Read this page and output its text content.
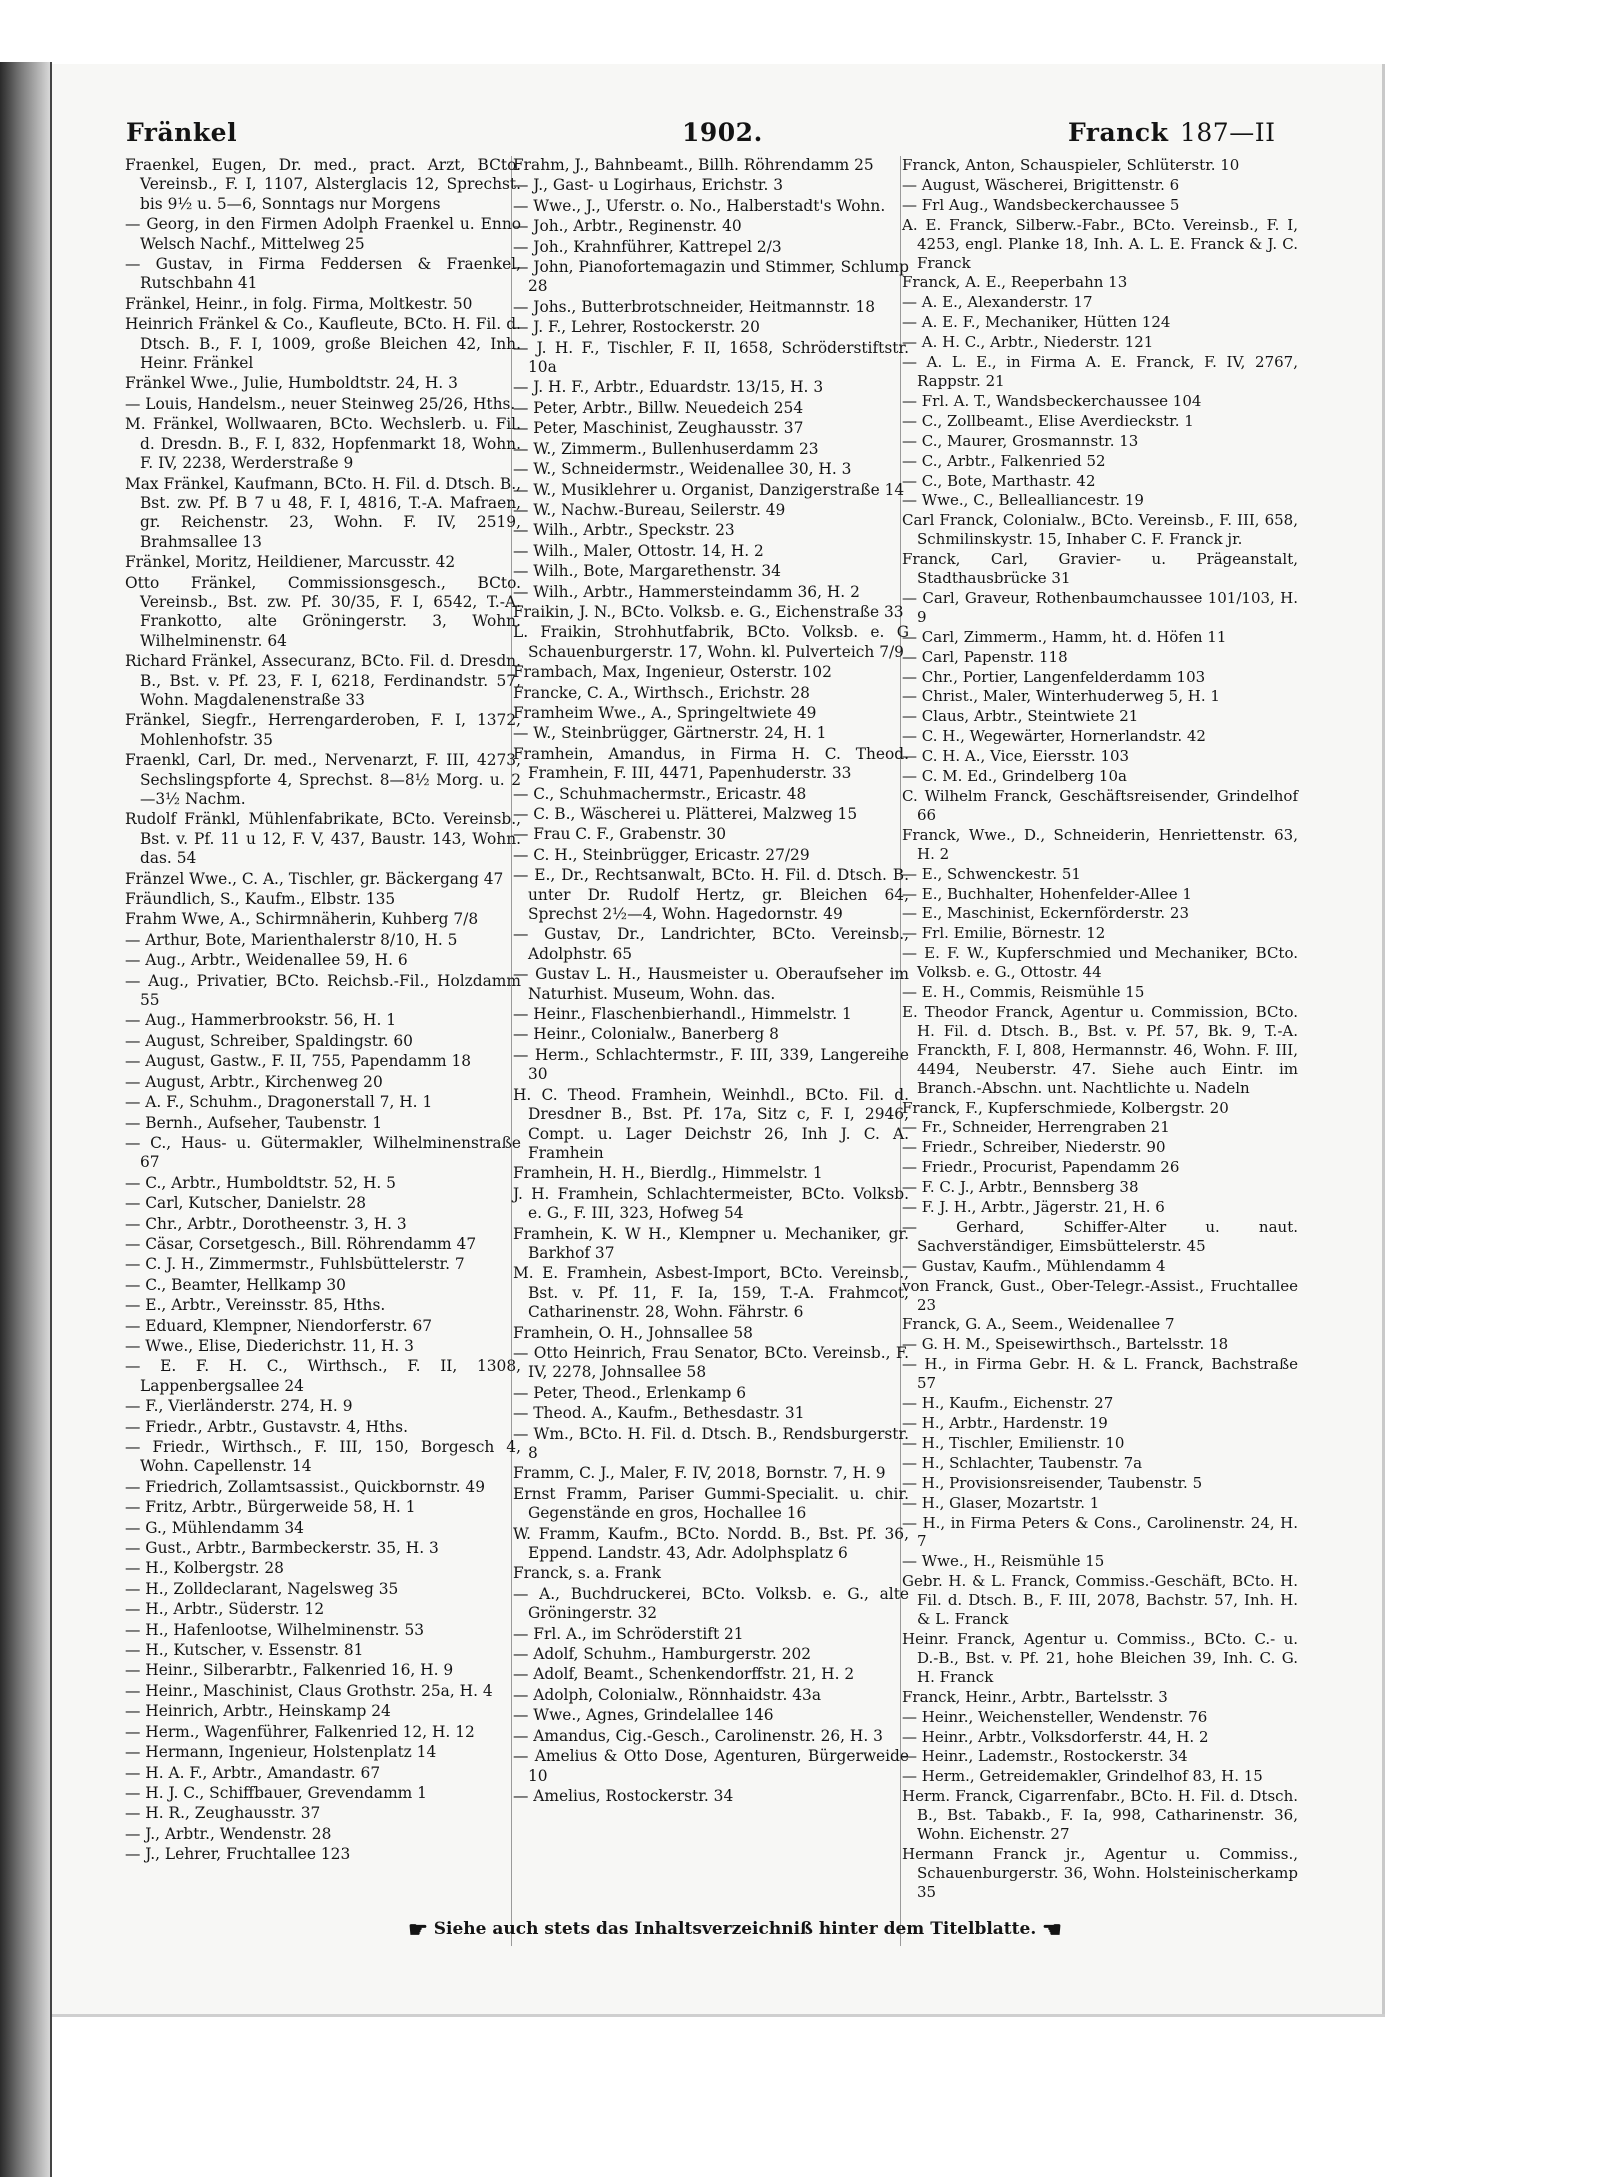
Fränkel	1902.	Franck 187—II
Fraenkel, Eugen, Dr. med., pract. Arzt, BCto. Vereinsb., F. I, 1107, Alsterglacis 12, Sprechst. bis 9½ u. 5—6, Sonntags nur Morgens
— Georg, in den Firmen Adolph Fraenkel u. Enno Welsch Nachf., Mittelweg 25
— Gustav, in Firma Feddersen & Fraenkel, Rutschbahn 41
Fränkel, Heinr., in folg. Firma, Moltkestr. 50
Heinrich Fränkel & Co., Kaufleute, BCto. H. Fil. d. Dtsch. B., F. I, 1009, große Bleichen 42, Inh. Heinr. Fränkel
Fränkel Wwe., Julie, Humboldtstr. 24, H. 3
— Louis, Handelsm., neuer Steinweg 25/26, Hths.
M. Fränkel, Wollwaaren, BCto. Wechslerb. u. Fil. d. Dresdn. B., F. I, 832, Hopfenmarkt 18, Wohn. F. IV, 2238, Werderstraße 9
Max Fränkel, Kaufmann, BCto. H. Fil. d. Dtsch. B., Bst. zw. Pf. B 7 u 48, F. I, 4816, T.-A. Mafraen, gr. Reichenstr. 23, Wohn. F. IV, 2519, Brahmsallee 13
Fränkel, Moritz, Heildiener, Marcusstr. 42
Otto Fränkel, Commissionsgesch., BCto. Vereinsb., Bst. zw. Pf. 30/35, F. I, 6542, T.-A. Frankotto, alte Gröningerstr. 3, Wohn. Wilhelminenstr. 64
Richard Fränkel, Assecuranz, BCto. Fil. d. Dresdn. B., Bst. v. Pf. 23, F. I, 6218, Ferdinandstr. 57, Wohn. Magdalenenstraße 33
Fränkel, Siegfr., Herrengarderoben, F. I, 1372, Mohlenhofstr. 35
Fraenkl, Carl, Dr. med., Nervenarzt, F. III, 4273, Sechslingspforte 4, Sprechst. 8—8½ Morg. u. 2—3½ Nachm.
Rudolf Fränkl, Mühlenfabrikate, BCto. Vereinsb., Bst. v. Pf. 11 u 12, F. V, 437, Baustr. 143, Wohn. das. 54
Fränzel Wwe., C. A., Tischler, gr. Bäckergang 47
Fräundlich, S., Kaufm., Elbstr. 135
Frahm Wwe, A., Schirmnäherin, Kuhberg 7/8
— Arthur, Bote, Marienthalerstr 8/10, H. 5
— Aug., Arbtr., Weidenallee 59, H. 6
— Aug., Privatier, BCto. Reichsb.-Fil., Holzdamm 55
— Aug., Hammerbrookstr. 56, H. 1
— August, Schreiber, Spaldingstr. 60
— August, Gastw., F. II, 755, Papendamm 18
— August, Arbtr., Kirchenweg 20
— A. F., Schuhm., Dragonerstall 7, H. 1
— Bernh., Aufseher, Taubenstr. 1
— C., Haus- u. Gütermakler, Wilhelminenstraße 67
— C., Arbtr., Humboldtstr. 52, H. 5
— Carl, Kutscher, Danielstr. 28
— Chr., Arbtr., Dorotheenstr. 3, H. 3
— Cäsar, Corsetgesch., Bill. Röhrendamm 47
— C. J. H., Zimmermstr., Fuhlsbüttelerstr. 7
— C., Beamter, Hellkamp 30
— E., Arbtr., Vereinsstr. 85, Hths.
— Eduard, Klempner, Niendorferstr. 67
— Wwe., Elise, Diederichstr. 11, H. 3
— E. F. H. C., Wirthsch., F. II, 1308, Lappenbergsallee 24
— F., Vierländerstr. 274, H. 9
— Friedr., Arbtr., Gustavstr. 4, Hths.
— Friedr., Wirthsch., F. III, 150, Borgesch 4, Wohn. Capellenstr. 14
— Friedrich, Zollamtsassist., Quickbornstr. 49
— Fritz, Arbtr., Bürgerweide 58, H. 1
— G., Mühlendamm 34
— Gust., Arbtr., Barmbeckerstr. 35, H. 3
— H., Kolbergstr. 28
— H., Zolldeclarant, Nagelsweg 35
— H., Arbtr., Süderstr. 12
— H., Hafenlootse, Wilhelminenstr. 53
— H., Kutscher, v. Essenstr. 81
— Heinr., Silberarbtr., Falkenried 16, H. 9
— Heinr., Maschinist, Claus Grothstr. 25a, H. 4
— Heinrich, Arbtr., Heinskamp 24
— Herm., Wagenführer, Falkenried 12, H. 12
— Hermann, Ingenieur, Holstenplatz 14
— H. A. F., Arbtr., Amandastr. 67
— H. J. C., Schiffbauer, Grevendamm 1
— H. R., Zeughausstr. 37
— J., Arbtr., Wendenstr. 28
— J., Lehrer, Fruchtallee 123
Frahm, J., Bahnbeamt., Billh. Röhrendamm 25
— J., Gast- u Logirhaus, Erichstr. 3
— Wwe., J., Uferstr. o. No., Halberstadt's Wohn.
— Joh., Arbtr., Reginenstr. 40
— Joh., Krahnführer, Kattrepel 2/3
— John, Pianofortemagazin und Stimmer, Schlump 28
— Johs., Butterbrotschneider, Heitmannstr. 18
— J. F., Lehrer, Rostockerstr. 20
— J. H. F., Tischler, F. II, 1658, Schröderstiftstr. 10a
— J. H. F., Arbtr., Eduardstr. 13/15, H. 3
— Peter, Arbtr., Billw. Neuedeich 254
— Peter, Maschinist, Zeughausstr. 37
— W., Zimmerm., Bullenhuserdamm 23
— W., Schneidermstr., Weidenallee 30, H. 3
— W., Musiklehrer u. Organist, Danzigerstraße 14
— W., Nachw.-Bureau, Seilerstr. 49
— Wilh., Arbtr., Speckstr. 23
— Wilh., Maler, Ottostr. 14, H. 2
— Wilh., Bote, Margarethenstr. 34
— Wilh., Arbtr., Hammersteindamm 36, H. 2
Fraikin, J. N., BCto. Volksb. e. G., Eichenstraße 33
L. Fraikin, Strohhutfabrik, BCto. Volksb. e. G Schauenburgerstr. 17, Wohn. kl. Pulverteich 7/9
Frambach, Max, Ingenieur, Osterstr. 102
Francke, C. A., Wirthsch., Erichstr. 28
Framheim Wwe., A., Springeltwiete 49
— W., Steinbrügger, Gärtnerstr. 24, H. 1
Framhein, Amandus, in Firma H. C. Theod. Framhein, F. III, 4471, Papenhuderstr. 33
— C., Schuhmachermstr., Ericastr. 48
— C. B., Wäscherei u. Plätterei, Malzweg 15
— Frau C. F., Grabenstr. 30
— C. H., Steinbrügger, Ericastr. 27/29
— E., Dr., Rechtsanwalt, BCto. H. Fil. d. Dtsch. B. unter Dr. Rudolf Hertz, gr. Bleichen 64, Sprechst 2½—4, Wohn. Hagedornstr. 49
— Gustav, Dr., Landrichter, BCto. Vereinsb., Adolphstr. 65
— Gustav L. H., Hausmeister u. Oberaufseher im Naturhist. Museum, Wohn. das.
— Heinr., Flaschenbierhandl., Himmelstr. 1
— Heinr., Colonialw., Banerberg 8
— Herm., Schlachtermstr., F. III, 339, Langereihe 30
H. C. Theod. Framhein, Weinhdl., BCto. Fil. d. Dresdner B., Bst. Pf. 17a, Sitz c, F. I, 2946, Compt. u. Lager Deichstr 26, Inh J. C. A. Framhein
Framhein, H. H., Bierdlg., Himmelstr. 1
J. H. Framhein, Schlachtermeister, BCto. Volksb. e. G., F. III, 323, Hofweg 54
Framhein, K. W H., Klempner u. Mechaniker, gr. Barkhof 37
M. E. Framhein, Asbest-Import, BCto. Vereinsb., Bst. v. Pf. 11, F. Ia, 159, T.-A. Frahmcot, Catharinenstr. 28, Wohn. Fährstr. 6
Framhein, O. H., Johnsallee 58
— Otto Heinrich, Frau Senator, BCto. Vereinsb., F. IV, 2278, Johnsallee 58
— Peter, Theod., Erlenkamp 6
— Theod. A., Kaufm., Bethesdastr. 31
— Wm., BCto. H. Fil. d. Dtsch. B., Rendsburgerstr. 8
Framm, C. J., Maler, F. IV, 2018, Bornstr. 7, H. 9
Ernst Framm, Pariser Gummi-Specialit. u. chir. Gegenstände en gros, Hochallee 16
W. Framm, Kaufm., BCto. Nordd. B., Bst. Pf. 36, Eppend. Landstr. 43, Adr. Adolphsplatz 6
Franck, s. a. Frank
— A., Buchdruckerei, BCto. Volksb. e. G., alte Gröningerstr. 32
— Frl. A., im Schröderstift 21
— Adolf, Schuhm., Hamburgerstr. 202
— Adolf, Beamt., Schenkendorffstr. 21, H. 2
— Adolph, Colonialw., Rönnhaidstr. 43a
— Wwe., Agnes, Grindelallee 146
— Amandus, Cig.-Gesch., Carolinenstr. 26, H. 3
— Amelius & Otto Dose, Agenturen, Bürgerweide 10
— Amelius, Rostockerstr. 34
Franck, Anton, Schauspieler, Schlüterstr. 10
— August, Wäscherei, Brigittenstr. 6
— Frl Aug., Wandsbeckerchaussee 5
A. E. Franck, Silberw.-Fabr., BCto. Vereinsb., F. I, 4253, engl. Planke 18, Inh. A. L. E. Franck & J. C. Franck
Franck, A. E., Reeperbahn 13
— A. E., Alexanderstr. 17
— A. E. F., Mechaniker, Hütten 124
— A. H. C., Arbtr., Niederstr. 121
— A. L. E., in Firma A. E. Franck, F. IV, 2767, Rappstr. 21
— Frl. A. T., Wandsbeckerchaussee 104
— C., Zollbeamt., Elise Averdieckstr. 1
— C., Maurer, Grosmannstr. 13
— C., Arbtr., Falkenried 52
— C., Bote, Marthastr. 42
— Wwe., C., Bellealliancestr. 19
Carl Franck, Colonialw., BCto. Vereinsb., F. III, 658, Schmilinskystr. 15, Inhaber C. F. Franck jr.
Franck, Carl, Gravier- u. Prägeanstalt, Stadthausbrücke 31
— Carl, Graveur, Rothenbaumchaussee 101/103, H. 9
— Carl, Zimmerm., Hamm, ht. d. Höfen 11
— Carl, Papenstr. 118
— Chr., Portier, Langenfelderdamm 103
— Christ., Maler, Winterhuderweg 5, H. 1
— Claus, Arbtr., Steintwiete 21
— C. H., Wegewärter, Hornerlandstr. 42
— C. H. A., Vice, Eiersstr. 103
— C. M. Ed., Grindelberg 10a
C. Wilhelm Franck, Geschäftsreisender, Grindelhof 66
Franck, Wwe., D., Schneiderin, Henriettenstr. 63, H. 2
— E., Schwenckestr. 51
— E., Buchhalter, Hohenfelder-Allee 1
— E., Maschinist, Eckernförderstr. 23
— Frl. Emilie, Börnestr. 12
— E. F. W., Kupferschmied und Mechaniker, BCto. Volksb. e. G., Ottostr. 44
— E. H., Commis, Reismühle 15
E. Theodor Franck, Agentur u. Commission, BCto. H. Fil. d. Dtsch. B., Bst. v. Pf. 57, Bk. 9, T.-A. Franckth, F. I, 808, Hermannstr. 46, Wohn. F. III, 4494, Neuberstr. 47. Siehe auch Eintr. im Branch.-Abschn. unt. Nachtlichte u. Nadeln
Franck, F., Kupferschmiede, Kolbergstr. 20
— Fr., Schneider, Herrengraben 21
— Friedr., Schreiber, Niederstr. 90
— Friedr., Procurist, Papendamm 26
— F. C. J., Arbtr., Bennsberg 38
— F. J. H., Arbtr., Jägerstr. 21, H. 6
— Gerhard, Schiffer-Alter u. naut. Sachverständiger, Eimsbüttelerstr. 45
— Gustav, Kaufm., Mühlendamm 4
von Franck, Gust., Ober-Telegr.-Assist., Fruchtallee 23
Franck, G. A., Seem., Weidenallee 7
— G. H. M., Speisewirthsch., Bartelsstr. 18
— H., in Firma Gebr. H. & L. Franck, Bachstraße 57
— H., Kaufm., Eichenstr. 27
— H., Arbtr., Hardenstr. 19
— H., Tischler, Emilienstr. 10
— H., Schlachter, Taubenstr. 7a
— H., Provisionsreisender, Taubenstr. 5
— H., Glaser, Mozartstr. 1
— H., in Firma Peters & Cons., Carolinenstr. 24, H. 7
— Wwe., H., Reismühle 15
Gebr. H. & L. Franck, Commiss.-Geschäft, BCto. H. Fil. d. Dtsch. B., F. III, 2078, Bachstr. 57, Inh. H. & L. Franck
Heinr. Franck, Agentur u. Commiss., BCto. C.- u. D.-B., Bst. v. Pf. 21, hohe Bleichen 39, Inh. C. G. H. Franck
Franck, Heinr., Arbtr., Bartelsstr. 3
— Heinr., Weichensteller, Wendenstr. 76
— Heinr., Arbtr., Volksdorferstr. 44, H. 2
— Heinr., Lademstr., Rostockerstr. 34
— Herm., Getreidemakler, Grindelhof 83, H. 15
Herm. Franck, Cigarrenfabr., BCto. H. Fil. d. Dtsch. B., Bst. Tabakb., F. Ia, 998, Catharinenstr. 36, Wohn. Eichenstr. 27
Hermann Franck jr., Agentur u. Commiss., Schauenburgerstr. 36, Wohn. Holsteinischerkamp 35
☛ Siehe auch stets das Inhaltsverzeichniß hinter dem Titelblatte. ☚
